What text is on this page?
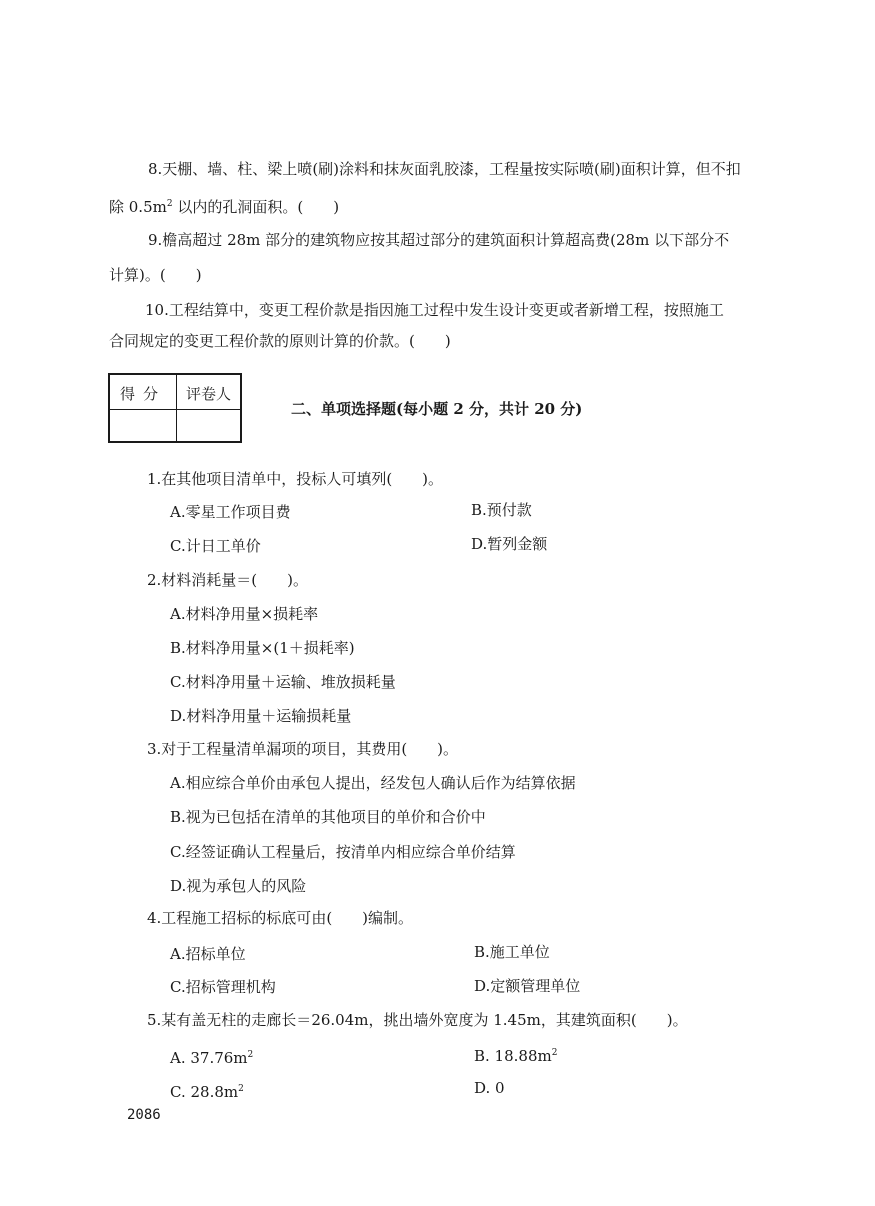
8.天棚、墙、柱、梁上喷(刷)涂料和抹灰面乳胶漆，工程量按实际喷(刷)面积计算，但不扣
除 $0.5m^2$ 以内的孔洞面积。(　　)
9.檐高超过 28m 部分的建筑物应按其超过部分的建筑面积计算超高费(28m 以下部分不
计算)。(　　)
10.工程结算中，变更工程价款是指因施工过程中发生设计变更或者新增工程，按照施工
合同规定的变更工程价款的原则计算的价款。(　　)
得分	评卷人
二、单项选择题(每小题 2 分，共计 20 分)
1.在其他项目清单中，投标人可填列(　　)。
A.零星工作项目费	B.预付款
C.计日工单价	D.暂列金额
2.材料消耗量＝(　　)。
A.材料净用量×损耗率
B.材料净用量×(1＋损耗率)
C.材料净用量＋运输、堆放损耗量
D.材料净用量＋运输损耗量
3.对于工程量清单漏项的项目，其费用(　　)。
A.相应综合单价由承包人提出，经发包人确认后作为结算依据
B.视为已包括在清单的其他项目的单价和合价中
C.经签证确认工程量后，按清单内相应综合单价结算
D.视为承包人的风险
4.工程施工招标的标底可由(　　)编制。
A.招标单位	B.施工单位
C.招标管理机构	D.定额管理单位
5.某有盖无柱的走廊长＝26.04m，挑出墙外宽度为 1.45m，其建筑面积(　　)。
A. $37.76m^2$	B. $18.88m^2$
C. $28.8m^2$	D. 0
2086
